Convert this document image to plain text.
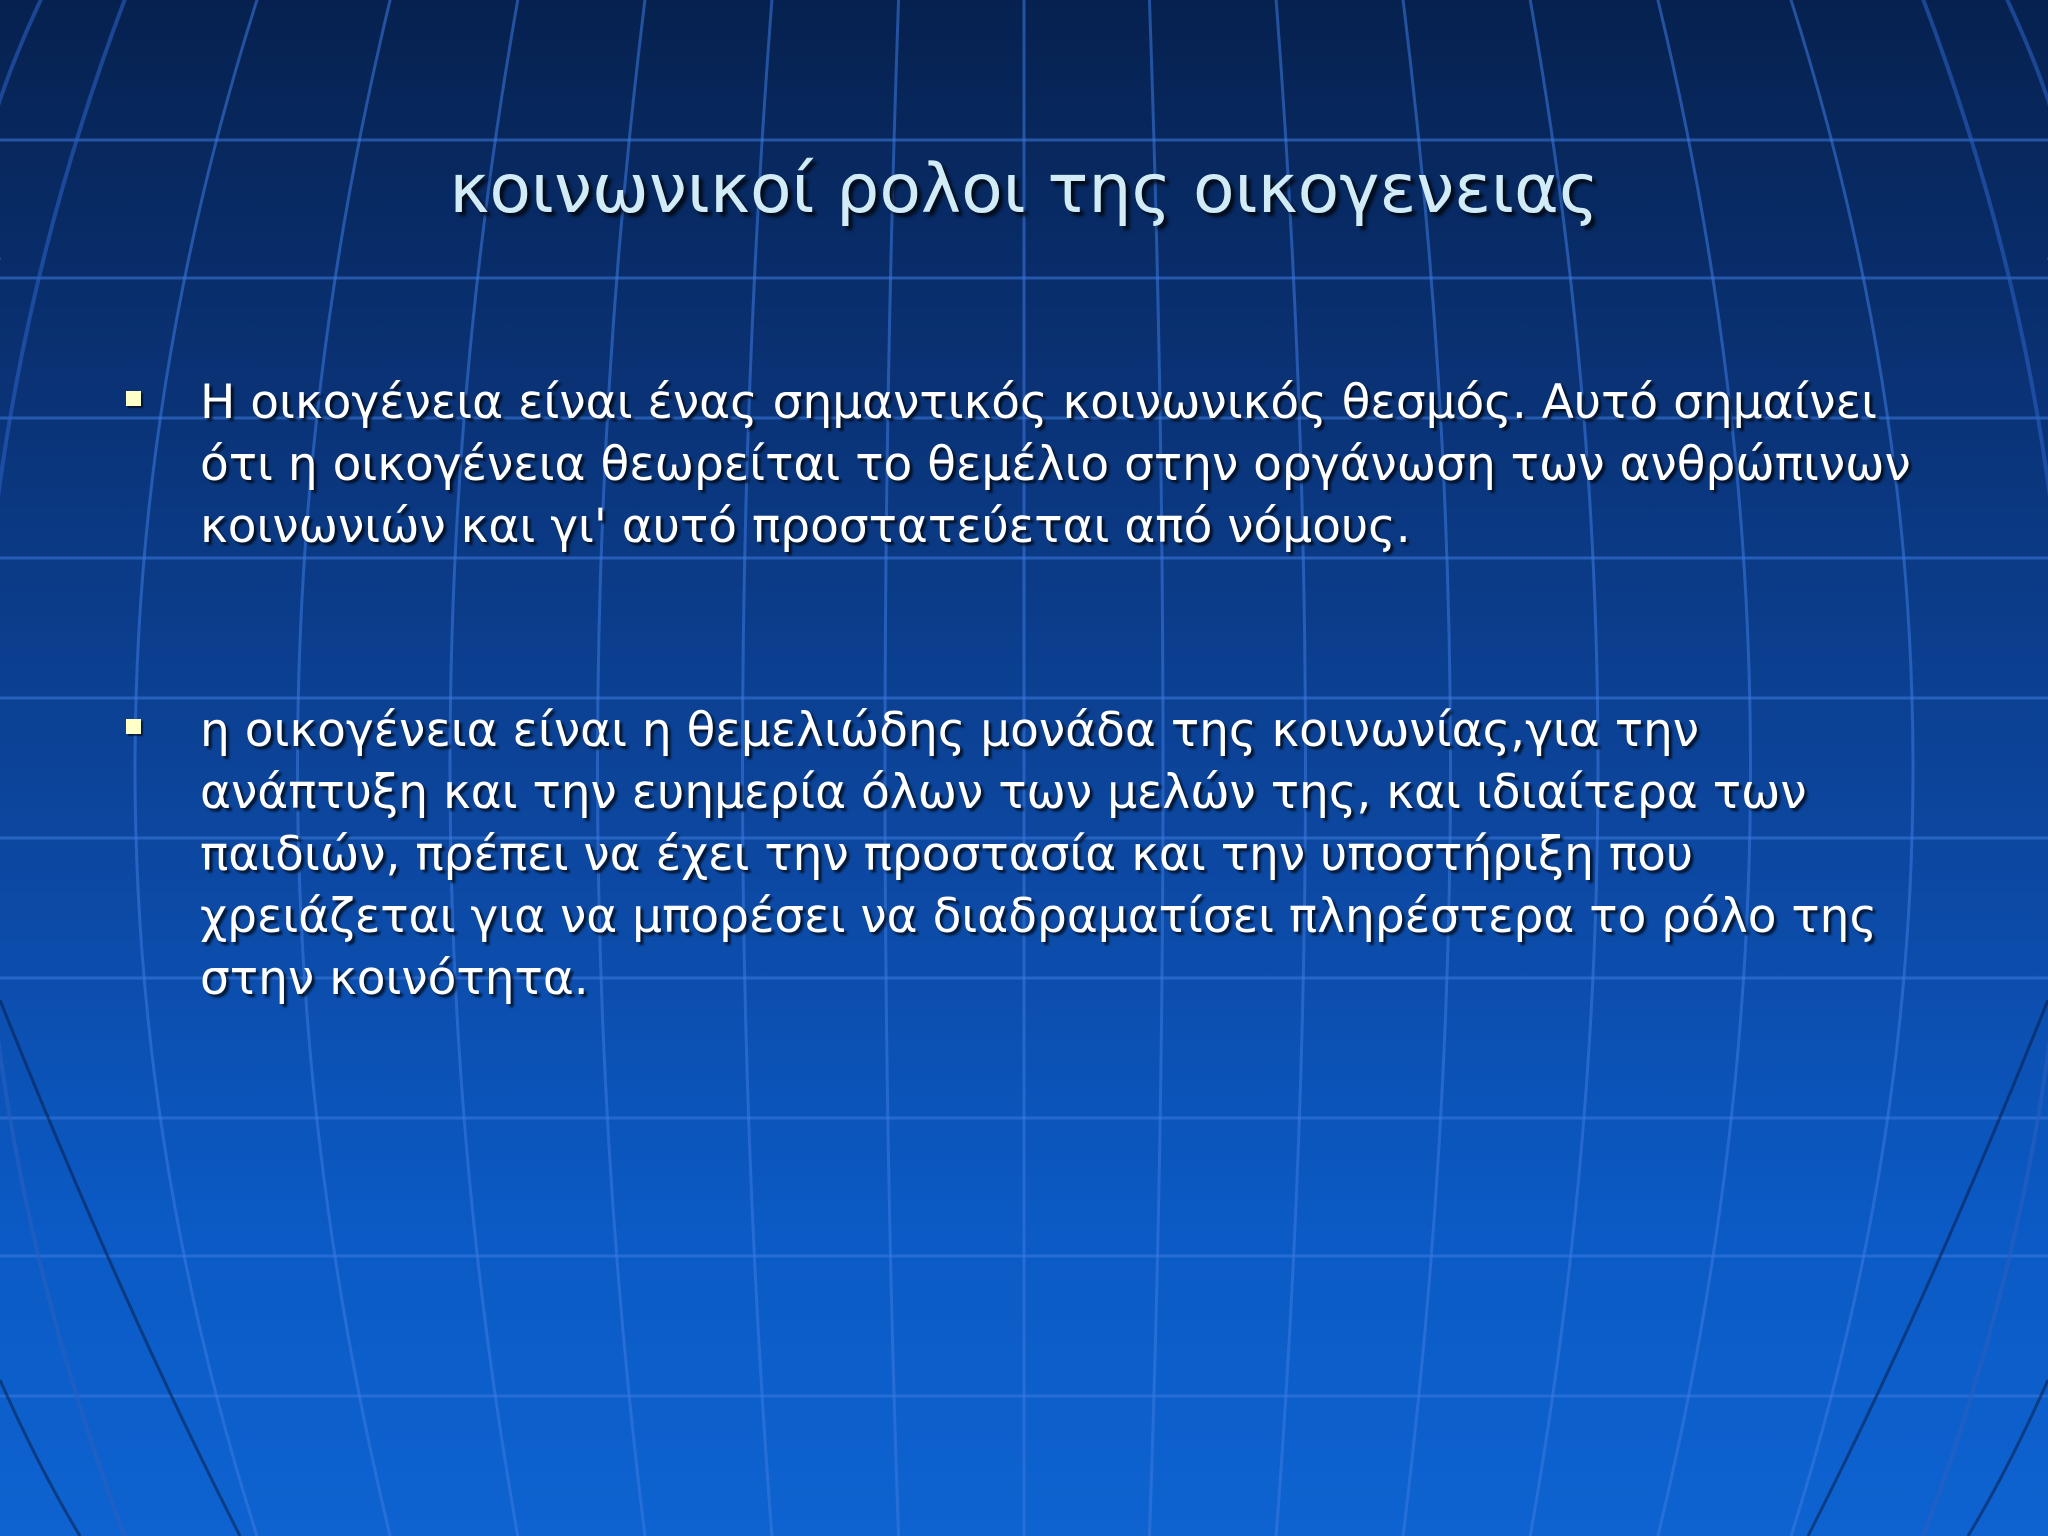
κοινωνικοί ρολοι της οικογενειας
Η οικογένεια είναι ένας σημαντικός κοινωνικός θεσμός. Αυτό σημαίνει ότι η οικογένεια θεωρείται το θεμέλιο στην οργάνωση των ανθρώπινων κοινωνιών και γι' αυτό προστατεύεται από νόμους.
η οικογένεια είναι η θεμελιώδης μονάδα της κοινωνίας,για την ανάπτυξη και την ευημερία όλων των μελών της, και ιδιαίτερα των παιδιών, πρέπει να έχει την προστασία και την υποστήριξη που χρειάζεται για να μπορέσει να διαδραματίσει πληρέστερα το ρόλο της στην κοινότητα.
